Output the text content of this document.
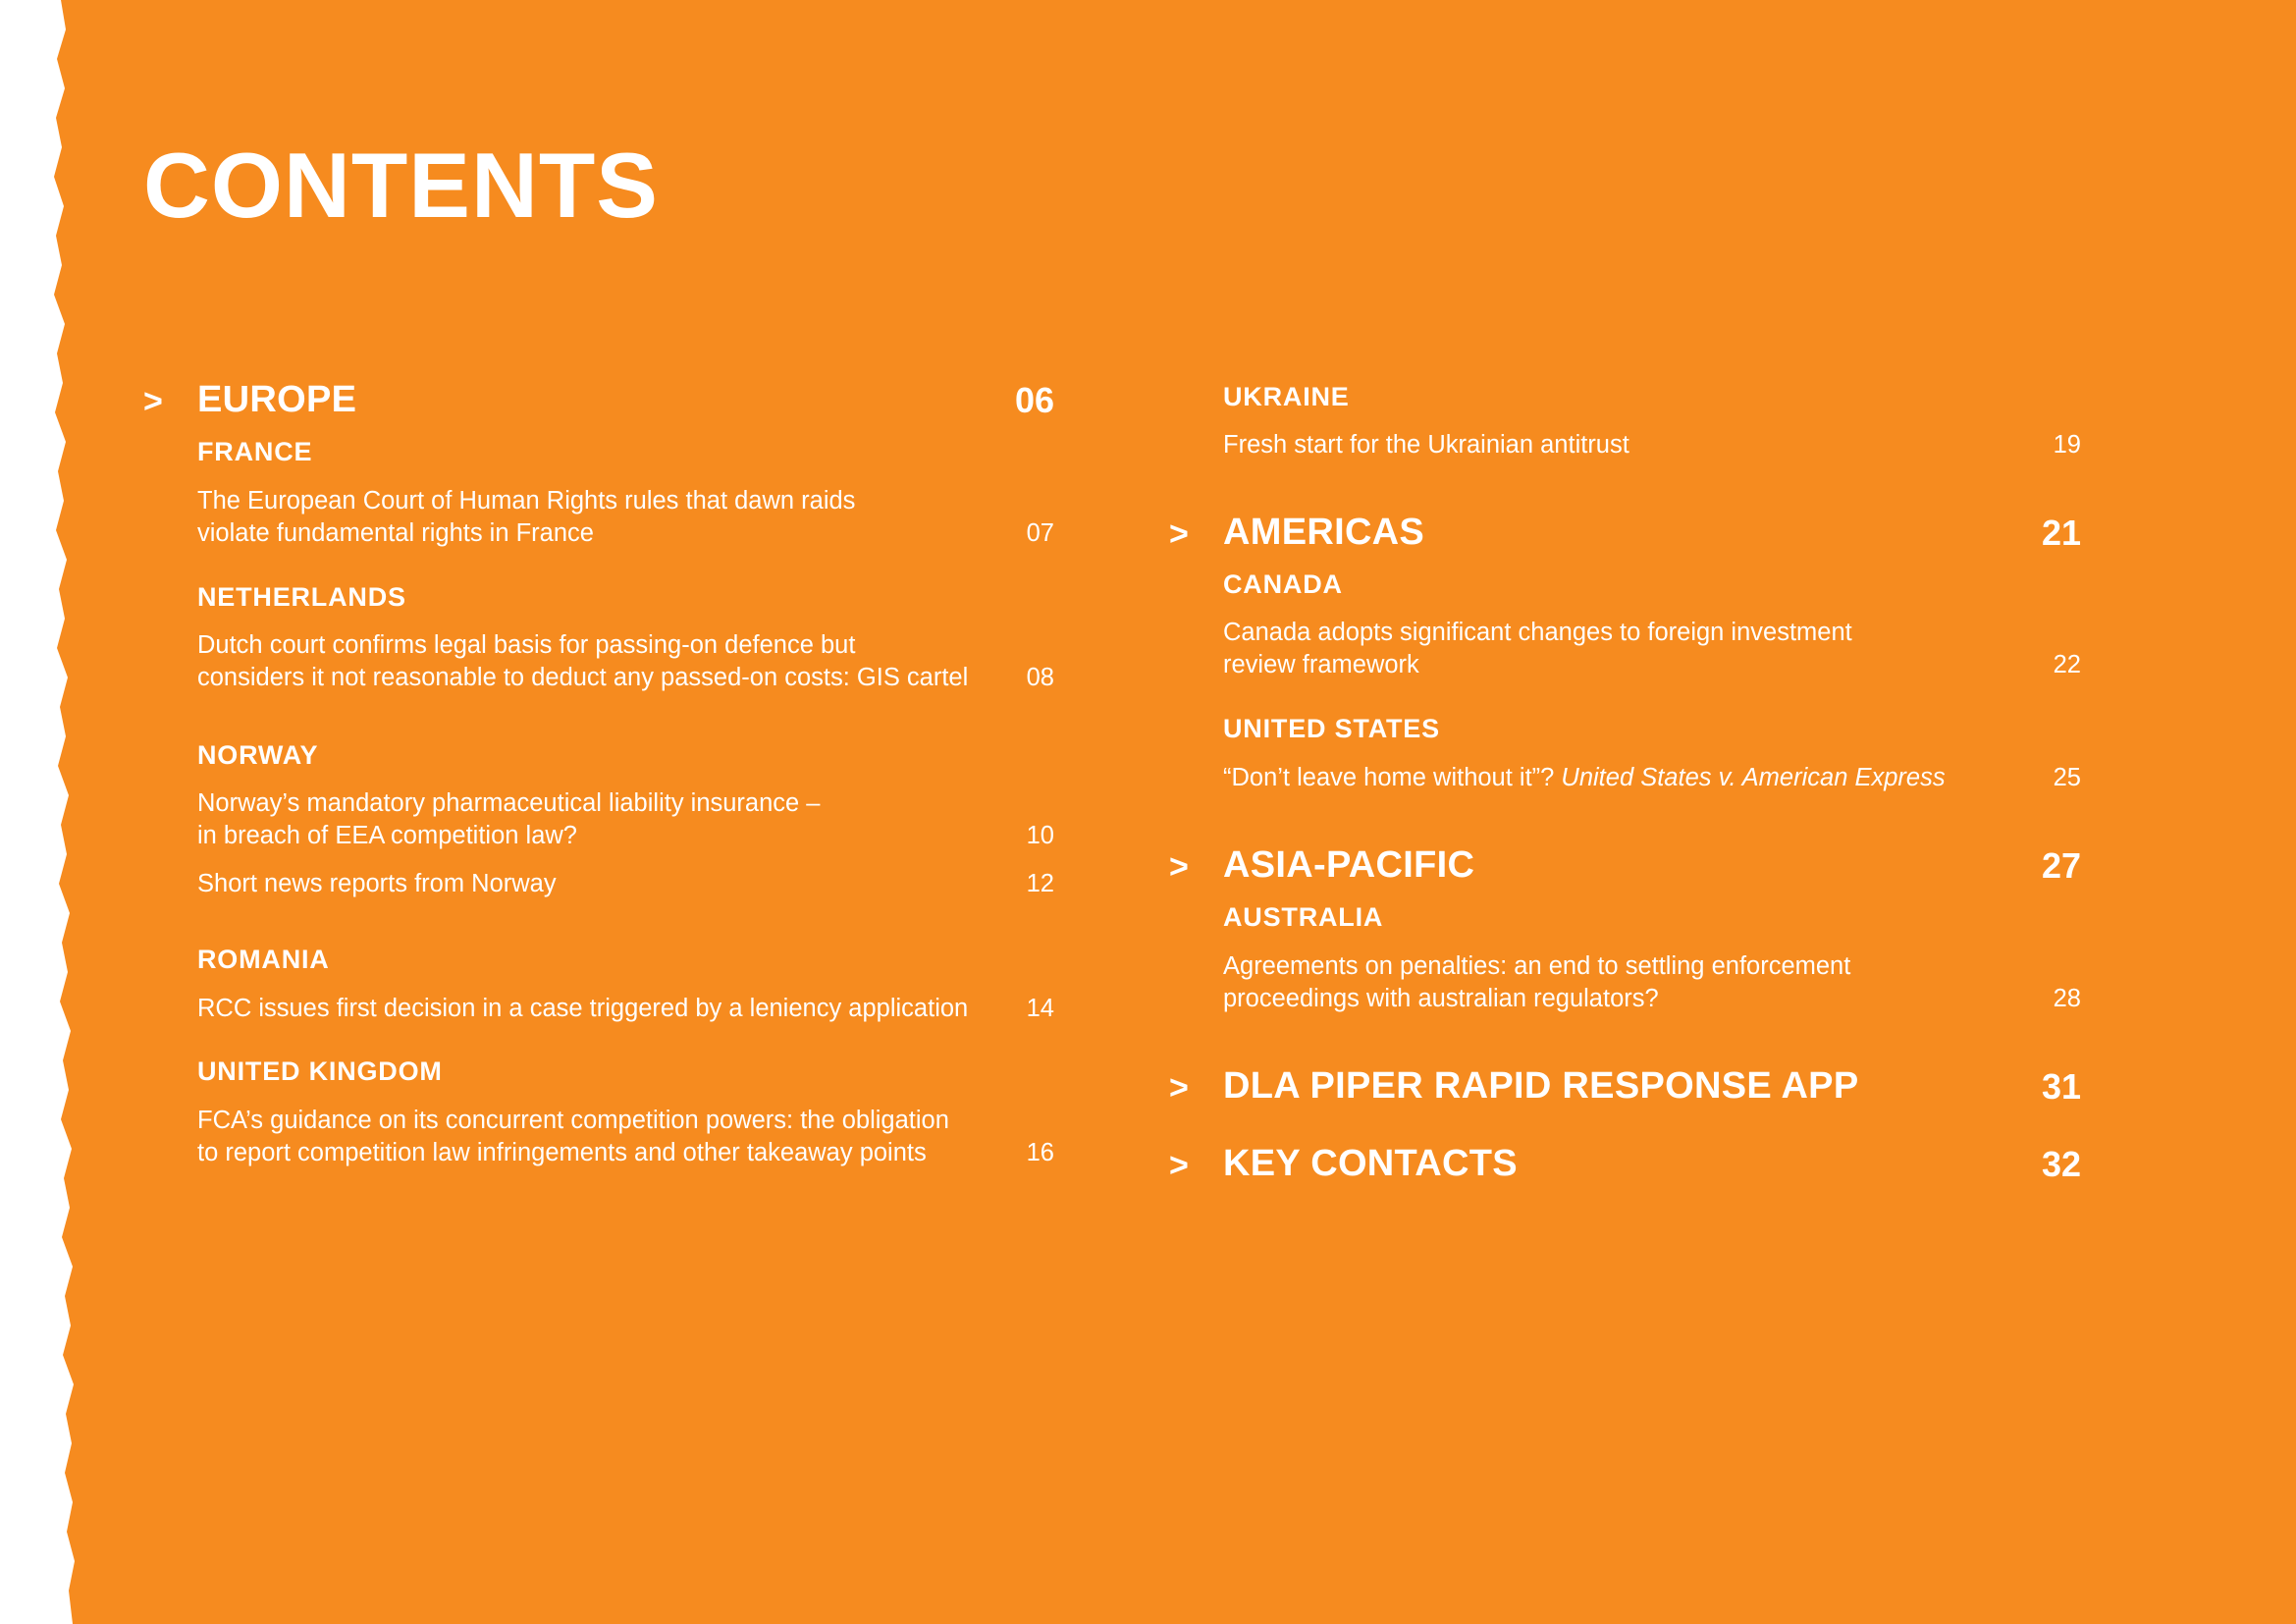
CONTENTS
> EUROPE	06
FRANCE
The European Court of Human Rights rules that dawn raids
violate fundamental rights in France	07
NETHERLANDS
Dutch court confirms legal basis for passing-on defence but
considers it not reasonable to deduct any passed-on costs: GIS cartel	08
NORWAY
Norway’s mandatory pharmaceutical liability insurance –
in breach of EEA competition law?	10
Short news reports from Norway	12
ROMANIA
RCC issues first decision in a case triggered by a leniency application	14
UNITED KINGDOM
FCA’s guidance on its concurrent competition powers: the obligation
to report competition law infringements and other takeaway points	16
UKRAINE
Fresh start for the Ukrainian antitrust	19
> AMERICAS	21
CANADA
Canada adopts significant changes to foreign investment
review framework	22
UNITED STATES
“Don’t leave home without it”? United States v. American Express	25
> ASIA-PACIFIC	27
AUSTRALIA
Agreements on penalties: an end to settling enforcement
proceedings with australian regulators?	28
> DLA PIPER RAPID RESPONSE APP	31
> KEY CONTACTS	32
